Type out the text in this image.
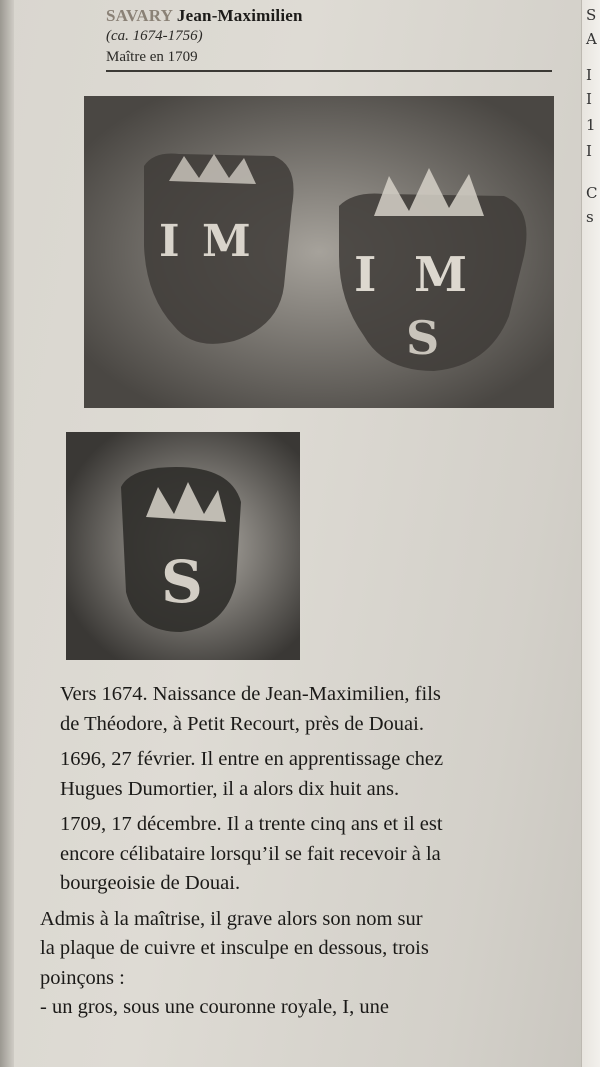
S
A
I
I
1
I
C
s
SAVARY Jean-Maximilien
(ca. 1674-1756)
Maître en 1709
I M
I M
S
S

Vers 1674. Naissance de Jean-Maximilien, fils
de Théodore, à Petit Recourt, près de Douai.

1696, 27 février. Il entre en apprentissage chez
Hugues Dumortier, il a alors dix huit ans.

1709, 17 décembre. Il a trente cinq ans et il est
encore célibataire lorsqu’il se fait recevoir à la
bourgeoisie de Douai.

Admis à la maîtrise, il grave alors son nom sur
la plaque de cuivre et insculpe en dessous, trois
poinçons :

- un gros, sous une couronne royale, I, une
